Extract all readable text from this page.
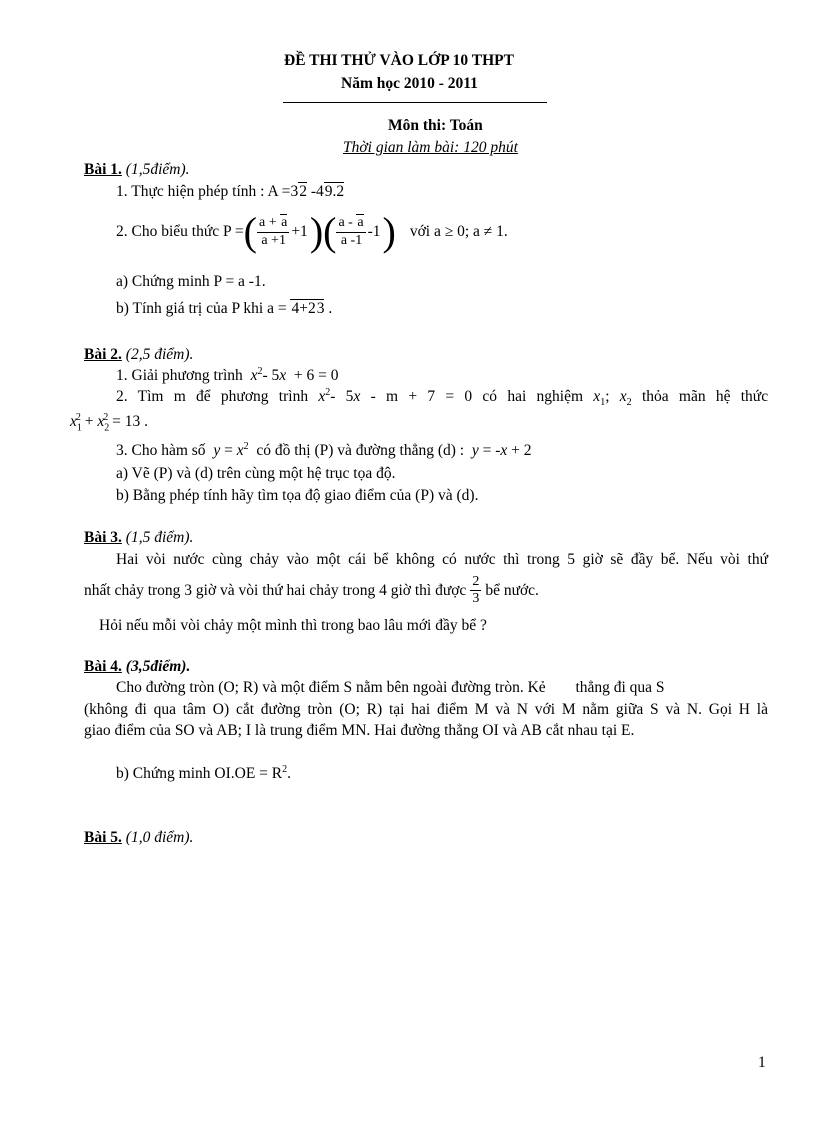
ĐỀ THI THỬ VÀO LỚP 10 THPT
Năm học 2010 - 2011
Môn thi: Toán
Thời gian làm bài: 120 phút
Bài 1. (1,5điểm).
1. Thực hiện phép tính : A =32 -49.2
2. Cho biểu thức P = ( $\frac{a + a}{a +1} +1$ ) ( $\frac{a - a}{a -1} -1$ ) với a ≥ 0; a ≠ 1.
a) Chứng minh P = a -1.
b) Tính giá trị của P khi a = 4+23 .
Bài 2. (2,5 điểm).
1. Giải phương trình $x^2-$ 5x  + 6 = 0
2. Tìm m để phương trình $x^2-$ 5x - m + 7 = 0 có hai nghiệm $x_1$; $x_2$ thỏa mãn hệ thức
$x_1^2 + x_2^2 = 13$ .
3. Cho hàm số $y = x^2$ có đồ thị (P) và đường thẳng (d) : y = -x + 2
a) Vẽ (P) và (d) trên cùng một hệ trục tọa độ.
b) Bằng phép tính hãy tìm tọa độ giao điểm của (P) và (d).
Bài 3. (1,5 điểm).
Hai vòi nước cùng chảy vào một cái bể không có nước thì trong 5 giờ sẽ đầy bể. Nếu vòi thứ
nhất chảy trong 3 giờ và vòi thứ hai chảy trong 4 giờ thì được $\frac{2}{3}$ bể nước.
Hỏi nếu mỗi vòi chảy một mình thì trong bao lâu mới đầy bể ?
Bài 4. (3,5điểm).
Cho đường tròn (O; R) và một điểm S nằm bên ngoài đường tròn. Kẻ thẳng đi qua S
(không đi qua tâm O) cắt đường tròn (O; R) tại hai điểm M và N với M nằm giữa S và N. Gọi H là
giao điểm của SO và AB; I là trung điểm MN. Hai đường thẳng OI và AB cắt nhau tại E.
b) Chứng minh $OI.OE = R^2$.
Bài 5. (1,0 điểm).
1
